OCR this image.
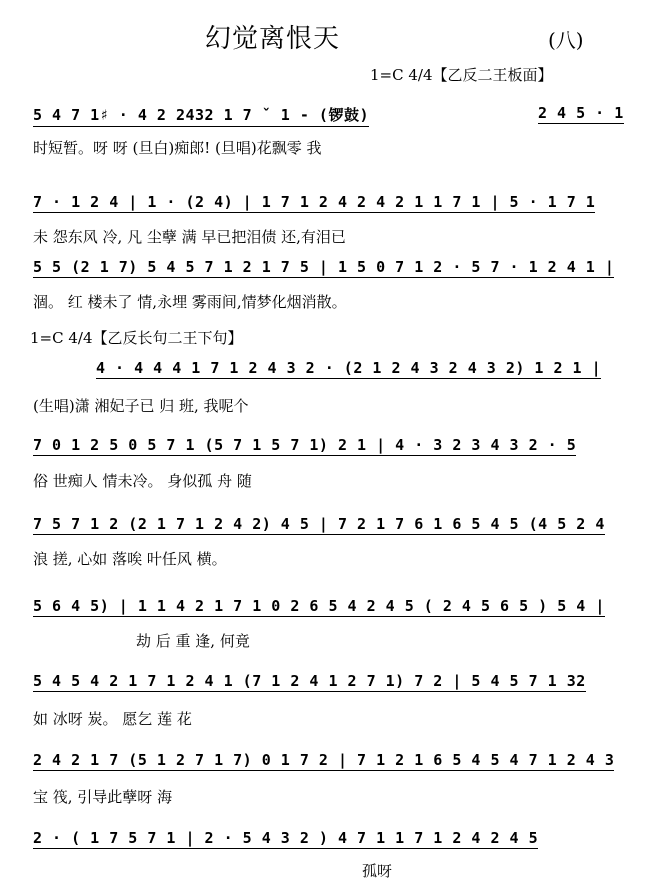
幻觉离恨天	(八)
1=C 4/4【乙反二王板面】
5 4 7 1♯ · 4 2 2432 1 7 ˇ 1 - (锣鼓)	2 4 5 · 1
时短暂。呀 呀 (旦白)痴郎! (旦唱)花飘零 我
7 · 1 2 4 | 1 · (2 4) | 1 7 1 2 4 2 4 2 1 1 7 1 | 5 · 1 7 1
未 怨东风 冷, 凡 尘孽 满 早已把泪债 还,有泪已
5 5 (2 1 7) 5 4 5 7 1 2 1 7 5 | 1 5 0 7 1 2 · 5 7 · 1 2 4 1 |
涸。 红 楼未了 情,永埋 雾雨间,情梦化烟消散。
1=C 4/4【乙反长句二王下句】
4 · 4 4 4 1 7 1 2 4 3 2 · (2 1 2 4 3 2 4 3 2) 1 2 1 |
(生唱)潇 湘妃子已 归 班, 我呢个
7 0 1 2 5 0 5 7 1 (5 7 1 5 7 1) 2 1 | 4 · 3 2 3 4 3 2 · 5
俗 世痴人 情未冷。 身似孤 舟 随
7 5 7 1 2 (2 1 7 1 2 4 2) 4 5 | 7 2 1 7 6 1 6 5 4 5 (4 5 2 4
浪 搓, 心如 落唉 叶任风 横。
5 6 4 5) | 1 1 4 2 1 7 1 0 2 6 5 4 2 4 5 ( 2 4 5 6 5 ) 5 4 |
劫 后 重 逢, 何竟
5 4 5 4 2 1 7 1 2 4 1 (7 1 2 4 1 2 7 1) 7 2 | 5 4 5 7 1 32
如 冰呀 炭。 愿乞 莲 花
2 4 2 1 7 (5 1 2 7 1 7) 0 1 7 2 | 7 1 2 1 6 5 4 5 4 7 1 2 4 3
宝 筏, 引导此孽呀 海
2 · ( 1 7 5 7 1 | 2 · 5 4 3 2 ) 4 7 1 1 7 1 2 4 2 4 5
孤呀
